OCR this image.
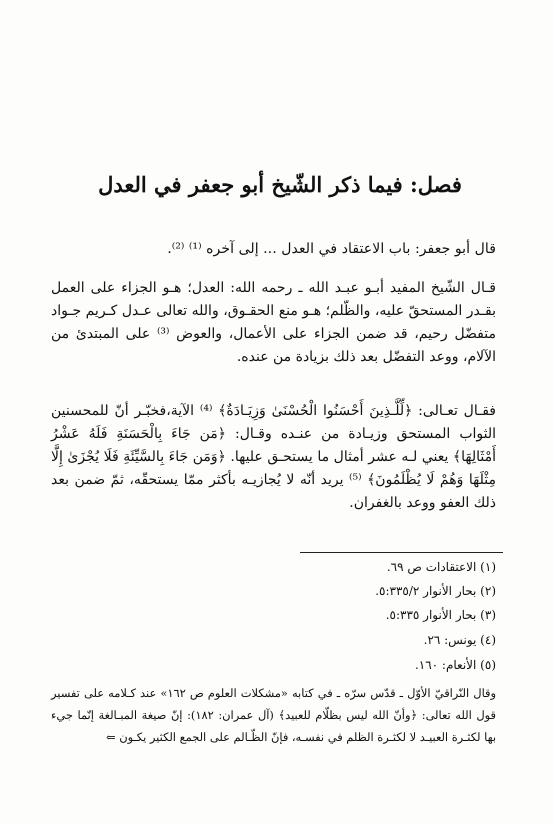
فصل: فيما ذكر الشّيخ أبو جعفر في العدل
قال أبو جعفر: باب الاعتقاد في العدل ... إلى آخره ⁽¹⁾ ⁽²⁾.
قـال الشّيخ المفيد أبـو عبـد الله ـ رحمه الله: العدل؛ هـو الجزاء على العمل بقـدر المستحقّ عليه، والظّلم؛ هـو منع الحقـوق، والله تعالى عـدل كـريم جـواد متفضّل رحيم، قد ضمن الجزاء على الأعمال، والعوض ⁽³⁾ على المبتدئ من الآلام، ووعد التفضّل بعد ذلك بزيادة من عنده.
فقـال تعـالى: ﴿لِّلَّـذِينَ أَحْسَنُوا الْحُسْنَىٰ وَزِيَـادَةٌ﴾ ⁽⁴⁾ الآية،فخبّـر أنّ للمحسنين الثواب المستحق وزيـادة من عنـده وقـال: ﴿مَن جَاءَ بِالْحَسَنَةِ فَلَهُ عَشْرُ أَمْثَالِهَا﴾ يعني لـه عشر أمثال ما يستحـق عليها. ﴿وَمَن جَاءَ بِالسَّيِّئَةِ فَلَا يُجْزَىٰ إِلَّا مِثْلَهَا وَهُمْ لَا يُظْلَمُونَ﴾ ⁽⁵⁾ يريد أنّه لا يُجازيـه بأكثر ممّا يستحقّه، ثمّ ضمن بعد ذلك العفو ووعد بالغفران.
(١) الاعتقادات ص ٦٩.
(٢) بحار الأنوار ٥:٣٣٥/٢.
(٣) بحار الأنوار ٥:٣٣٥.
(٤) يونس: ٢٦.
(٥) الأنعام: ١٦٠.
وقال النّراقيّ الأوّل ـ قدّس سرّه ـ في كتابه «مشكلات العلوم ص ١٦٢» عند كـلامه على تفسير قول الله تعالى: ﴿وأنّ الله ليس بظلّام للعبيد﴾ (آل عمران: ١٨٢): إنّ صيغة المبـالغة إنّما جيء بها لكثـرة العبيـد لا لكثـرة الظلم في نفسـه، فإنّ الظّـالم على الجمع الكثير يكـون ⇐
